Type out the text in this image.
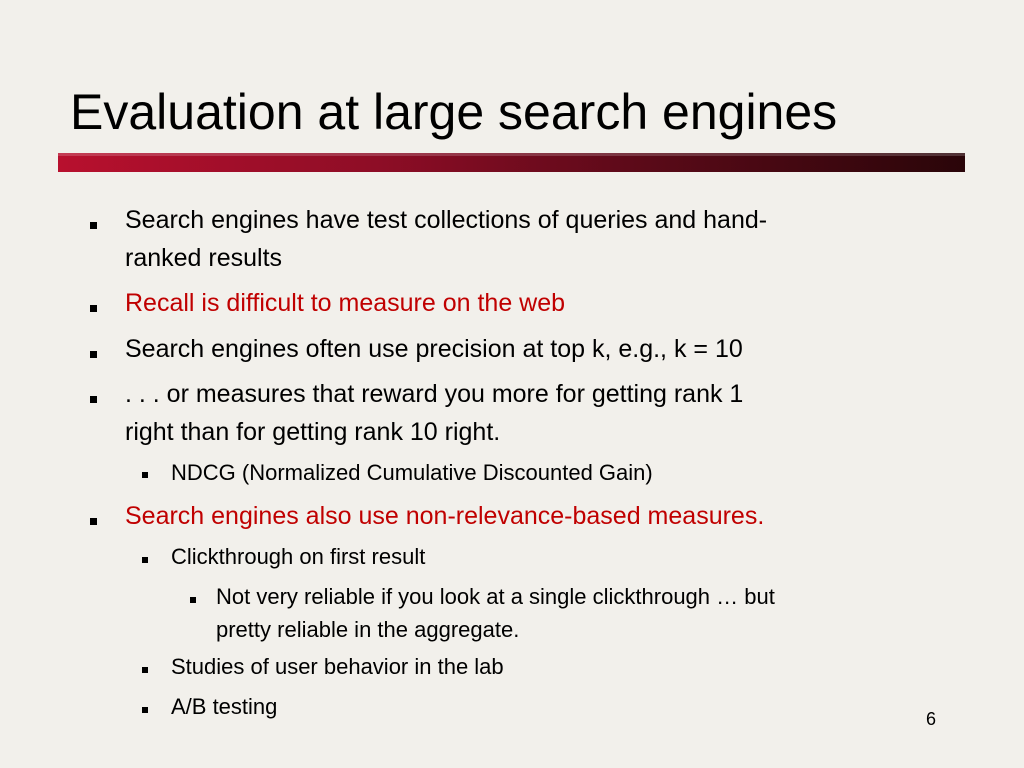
Evaluation at large search engines
Search engines have test collections of queries and hand-
ranked results
Recall is difficult to measure on the web
Search engines often use precision at top k, e.g., k = 10
. . . or measures that reward you more for getting rank 1
right than for getting rank 10 right.
NDCG (Normalized Cumulative Discounted Gain)
Search engines also use non-relevance-based measures.
Clickthrough on first result
Not very reliable if you look at a single clickthrough … but
pretty reliable in the aggregate.
Studies of user behavior in the lab
A/B testing	6
